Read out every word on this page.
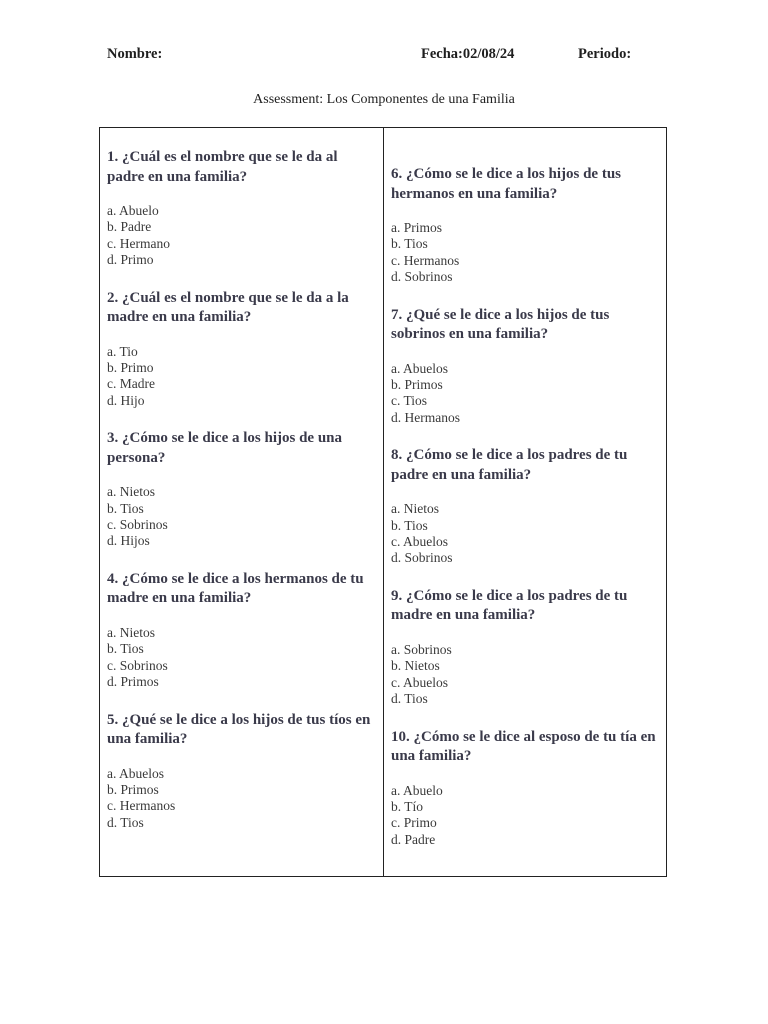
Nombre:	Fecha:02/08/24	Periodo:
Assessment: Los Componentes de una Familia

1. ¿Cuál es el nombre que se le da al padre en una familia?

a. Abuelo
b. Padre
c. Hermano
d. Primo

2. ¿Cuál es el nombre que se le da a la madre en una familia?

a. Tio
b. Primo
c. Madre
d. Hijo

3. ¿Cómo se le dice a los hijos de una persona?

a. Nietos
b. Tios
c. Sobrinos
d. Hijos

4. ¿Cómo se le dice a los hermanos de tu madre en una familia?

a. Nietos
b. Tios
c. Sobrinos
d. Primos

5. ¿Qué se le dice a los hijos de tus tíos en una familia?

a. Abuelos
b. Primos
c. Hermanos
d. Tios

6. ¿Cómo se le dice a los hijos de tus hermanos en una familia?

a. Primos
b. Tios
c. Hermanos
d. Sobrinos

7. ¿Qué se le dice a los hijos de tus sobrinos en una familia?

a. Abuelos
b. Primos
c. Tios
d. Hermanos

8. ¿Cómo se le dice a los padres de tu padre en una familia?

a. Nietos
b. Tios
c. Abuelos
d. Sobrinos

9. ¿Cómo se le dice a los padres de tu madre en una familia?

a. Sobrinos
b. Nietos
c. Abuelos
d. Tios

10. ¿Cómo se le dice al esposo de tu tía en una familia?

a. Abuelo
b. Tío
c. Primo
d. Padre
